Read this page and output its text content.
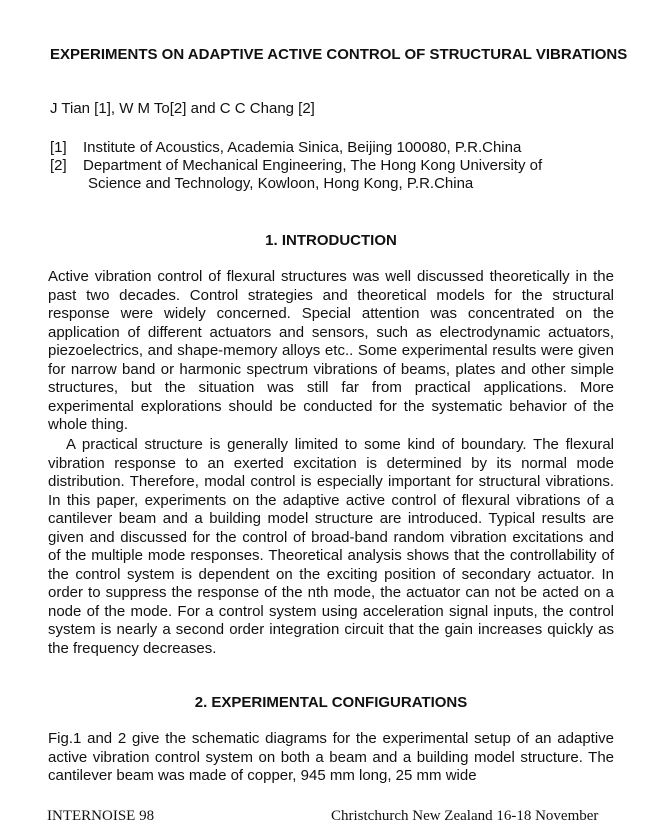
EXPERIMENTS ON ADAPTIVE ACTIVE CONTROL OF STRUCTURAL VIBRATIONS
J Tian [1], W M To[2] and C C Chang [2]
[1] Institute of Acoustics, Academia Sinica, Beijing 100080, P.R.China
[2] Department of Mechanical Engineering, The Hong Kong University of
Science and Technology, Kowloon, Hong Kong, P.R.China
1. INTRODUCTION
Active vibration control of flexural structures was well discussed theoretically in the past two decades. Control strategies and theoretical models for the structural response were widely concerned. Special attention was concentrated on the application of different actuators and sensors, such as electrodynamic actuators, piezoelectrics, and shape-memory alloys etc.. Some experimental results were given for narrow band or harmonic spectrum vibrations of beams, plates and other simple structures, but the situation was still far from practical applications. More experimental explorations should be conducted for the systematic behavior of the whole thing.
A practical structure is generally limited to some kind of boundary. The flexural vibration response to an exerted excitation is determined by its normal mode distribution. Therefore, modal control is especially important for structural vibrations. In this paper, experiments on the adaptive active control of flexural vibrations of a cantilever beam and a building model structure are introduced. Typical results are given and discussed for the control of broad-band random vibration excitations and of the multiple mode responses. Theoretical analysis shows that the controllability of the control system is dependent on the exciting position of secondary actuator. In order to suppress the response of the nth mode, the actuator can not be acted on a node of the mode. For a control system using acceleration signal inputs, the control system is nearly a second order integration circuit that the gain increases quickly as the frequency decreases.
2. EXPERIMENTAL CONFIGURATIONS
Fig.1 and 2 give the schematic diagrams for the experimental setup of an adaptive active vibration control system on both a beam and a building model structure. The cantilever beam was made of copper, 945 mm long, 25 mm wide
INTERNOISE 98	Christchurch New Zealand 16-18 November
